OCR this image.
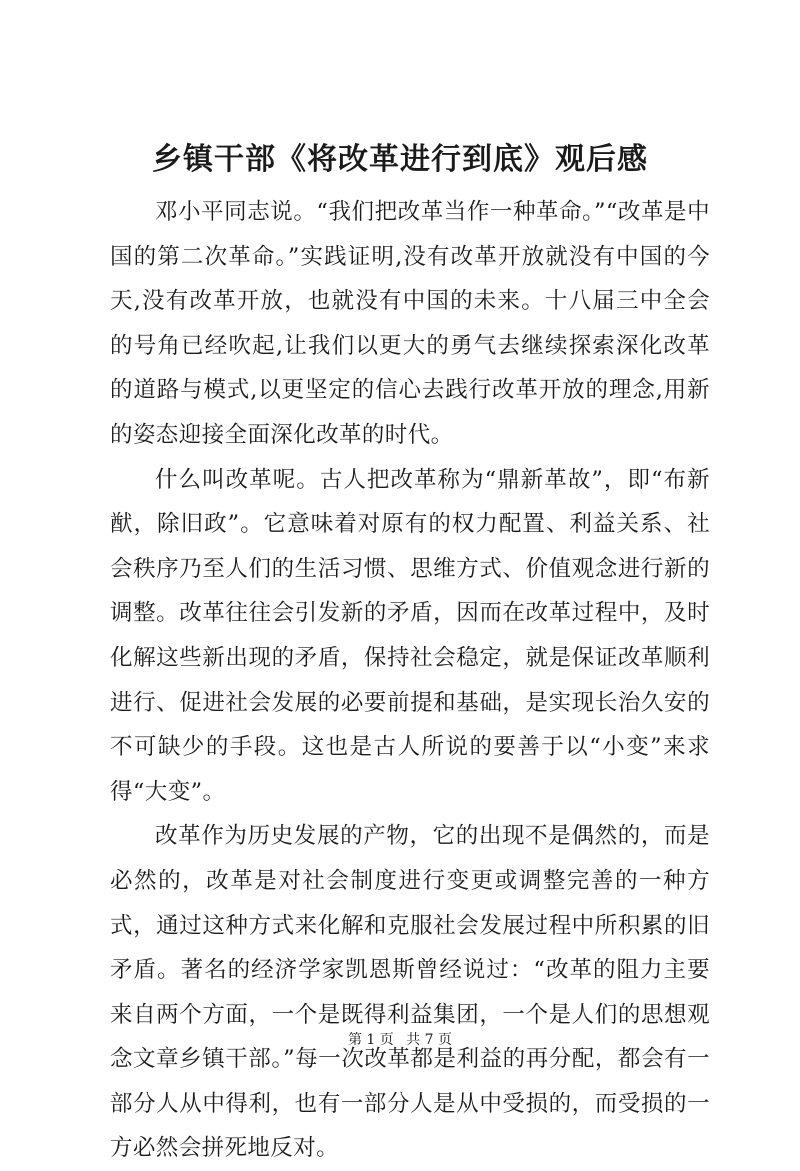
乡镇干部《将改革进行到底》观后感

邓小平同志说。“我们把改革当作一种革命。”“改革是中国的第二次革命。”实践证明,没有改革开放就没有中国的今天,没有改革开放，也就没有中国的未来。十八届三中全会的号角已经吹起,让我们以更大的勇气去继续探索深化改革的道路与模式,以更坚定的信心去践行改革开放的理念,用新的姿态迎接全面深化改革的时代。

什么叫改革呢。古人把改革称为“鼎新革故”，即“布新猷，除旧政”。它意味着对原有的权力配置、利益关系、社会秩序乃至人们的生活习惯、思维方式、价值观念进行新的调整。改革往往会引发新的矛盾，因而在改革过程中，及时化解这些新出现的矛盾，保持社会稳定，就是保证改革顺利进行、促进社会发展的必要前提和基础，是实现长治久安的不可缺少的手段。这也是古人所说的要善于以“小变”来求得“大变”。

改革作为历史发展的产物，它的出现不是偶然的，而是必然的，改革是对社会制度进行变更或调整完善的一种方式，通过这种方式来化解和克服社会发展过程中所积累的旧矛盾。著名的经济学家凯恩斯曾经说过：“改革的阻力主要来自两个方面，一个是既得利益集团，一个是人们的思想观念文章乡镇干部。”每一次改革都是利益的再分配，都会有一部分人从中得利，也有一部分人是从中受损的，而受损的一方必然会拼死地反对。

第 1 页 共 7 页
